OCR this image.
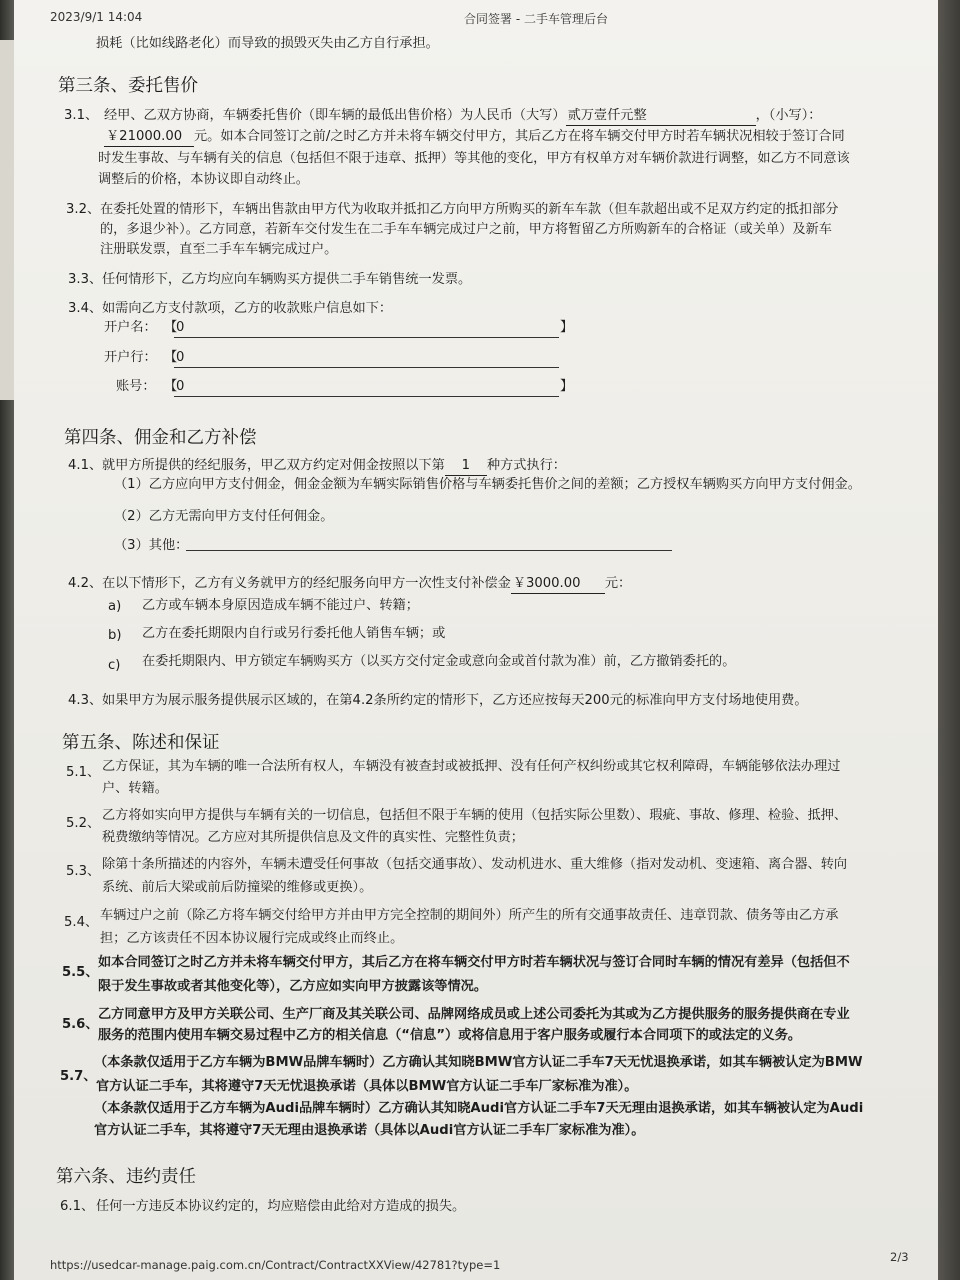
2023/9/1 14:04	合同签署 - 二手车管理后台
损耗（比如线路老化）而导致的损毁灭失由乙方自行承担。
第三条、委托售价
3.1、 经甲、乙双方协商，车辆委托售价（即车辆的最低出售价格）为人民币（大写） 贰万壹仟元整	，（小写）：
￥21000.00 元。如本合同签订之前/之时乙方并未将车辆交付甲方，其后乙方在将车辆交付甲方时若车辆状况相较于签订合同
时发生事故、与车辆有关的信息（包括但不限于违章、抵押）等其他的变化，甲方有权单方对车辆价款进行调整，如乙方不同意该
调整后的价格，本协议即自动终止。
3.2、 在委托处置的情形下，车辆出售款由甲方代为收取并抵扣乙方向甲方所购买的新车车款（但车款超出或不足双方约定的抵扣部分
的，多退少补）。乙方同意，若新车交付发生在二手车车辆完成过户之前，甲方将暂留乙方所购新车的合格证（或关单）及新车
注册联发票，直至二手车车辆完成过户。
3.3、 任何情形下，乙方均应向车辆购买方提供二手车销售统一发票。
3.4、 如需向乙方支付款项，乙方的收款账户信息如下：
开户名： 【
0	】
开户行： 【
0
账号： 【
0	】
第四条、佣金和乙方补偿
4.1、 就甲方所提供的经纪服务，甲乙双方约定对佣金按照以下第 1 种方式执行：
（1）乙方应向甲方支付佣金，佣金金额为车辆实际销售价格与车辆委托售价之间的差额；乙方授权车辆购买方向甲方支付佣金。
（2）乙方无需向甲方支付任何佣金。
（3）其他：
4.2、 在以下情形下，乙方有义务就甲方的经纪服务向甲方一次性支付补偿金 ￥3000.00 元：
a) 乙方或车辆本身原因造成车辆不能过户、转籍；
b) 乙方在委托期限内自行或另行委托他人销售车辆；或
c) 在委托期限内、甲方锁定车辆购买方（以买方交付定金或意向金或首付款为准）前，乙方撤销委托的。
4.3、 如果甲方为展示服务提供展示区域的，在第4.2条所约定的情形下，乙方还应按每天200元的标准向甲方支付场地使用费。
第五条、陈述和保证
5.1、 乙方保证，其为车辆的唯一合法所有权人，车辆没有被查封或被抵押、没有任何产权纠纷或其它权利障碍，车辆能够依法办理过
户、转籍。
5.2、
乙方将如实向甲方提供与车辆有关的一切信息，包括但不限于车辆的使用（包括实际公里数）、瑕疵、事故、修理、检验、抵押、
税费缴纳等情况。乙方应对其所提供信息及文件的真实性、完整性负责；
5.3、 除第十条所描述的内容外，车辆未遭受任何事故（包括交通事故）、发动机进水、重大维修（指对发动机、变速箱、离合器、转向
系统、前后大梁或前后防撞梁的维修或更换）。
5.4、 车辆过户之前（除乙方将车辆交付给甲方并由甲方完全控制的期间外）所产生的所有交通事故责任、违章罚款、债务等由乙方承
担；乙方该责任不因本协议履行完成或终止而终止。
5.5、
如本合同签订之时乙方并未将车辆交付甲方，其后乙方在将车辆交付甲方时若车辆状况与签订合同时车辆的情况有差异（包括但不
限于发生事故或者其他变化等），乙方应如实向甲方披露该等情况。
5.6、
乙方同意甲方及甲方关联公司、生产厂商及其关联公司、品牌网络成员或上述公司委托为其或为乙方提供服务的服务提供商在专业
服务的范围内使用车辆交易过程中乙方的相关信息（“信息”）或将信息用于客户服务或履行本合同项下的或法定的义务。
5.7、
（本条款仅适用于乙方车辆为BMW品牌车辆时）乙方确认其知晓BMW官方认证二手车7天无忧退换承诺，如其车辆被认定为BMW
官方认证二手车，其将遵守7天无忧退换承诺（具体以BMW官方认证二手车厂家标准为准）。
（本条款仅适用于乙方车辆为Audi品牌车辆时）乙方确认其知晓Audi官方认证二手车7天无理由退换承诺，如其车辆被认定为Audi
官方认证二手车，其将遵守7天无理由退换承诺（具体以Audi官方认证二手车厂家标准为准）。
第六条、违约责任
6.1、 任何一方违反本协议约定的，均应赔偿由此给对方造成的损失。
https://usedcar-manage.paig.com.cn/Contract/ContractXXView/42781?type=1
2/3
